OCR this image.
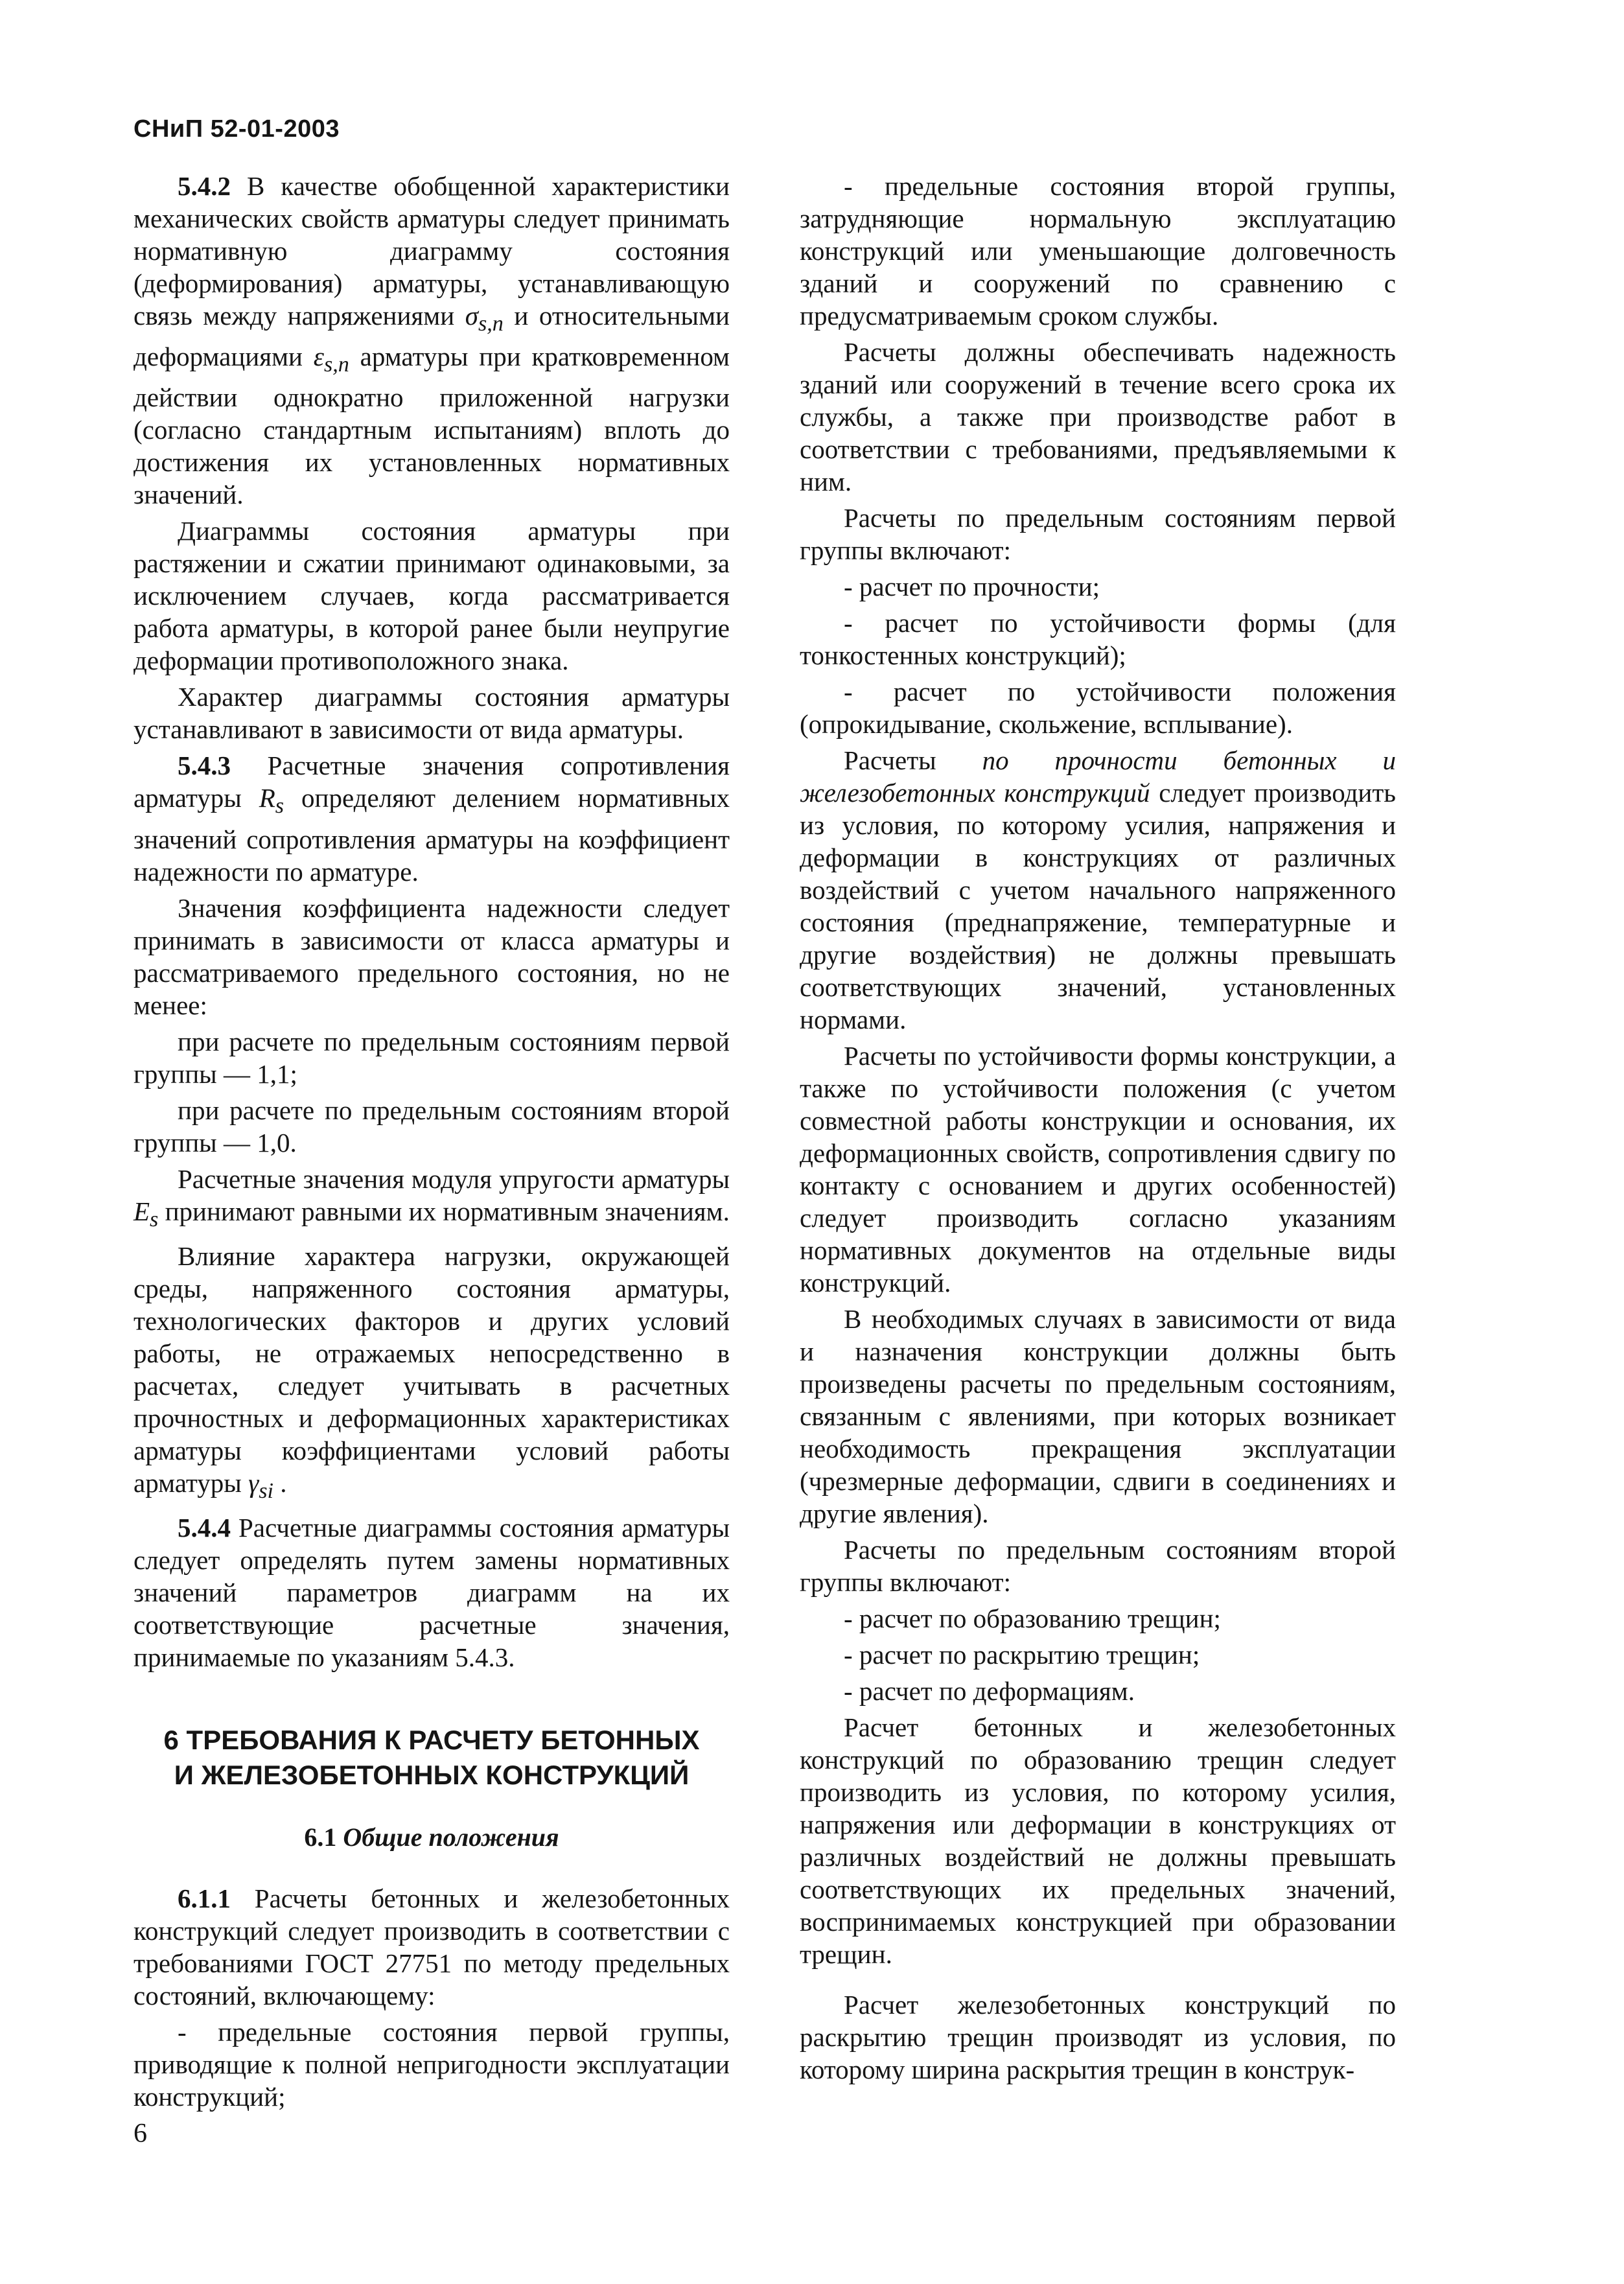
СНиП 52-01-2003

5.4.2 В качестве обобщенной характеристики механических свойств арматуры следует принимать нормативную диаграмму состояния (деформирования) арматуры, устанавливающую связь между напряжениями $\sigma_{s,n}$ и относительными деформациями $\varepsilon_{s,n}$ арматуры при кратковременном действии однократно приложенной нагрузки (согласно стандартным испытаниям) вплоть до достижения их установленных нормативных значений.

Диаграммы состояния арматуры при растяжении и сжатии принимают одинаковыми, за исключением случаев, когда рассматривается работа арматуры, в которой ранее были неупругие деформации противоположного знака.

Характер диаграммы состояния арматуры устанавливают в зависимости от вида арматуры.

5.4.3 Расчетные значения сопротивления арматуры $R_s$ определяют делением нормативных значений сопротивления арматуры на коэффициент надежности по арматуре.

Значения коэффициента надежности следует принимать в зависимости от класса арматуры и рассматриваемого предельного состояния, но не менее:

при расчете по предельным состояниям первой группы — 1,1;

при расчете по предельным состояниям второй группы — 1,0.

Расчетные значения модуля упругости арматуры $E_s$ принимают равными их нормативным значениям.

Влияние характера нагрузки, окружающей среды, напряженного состояния арматуры, технологических факторов и других условий работы, не отражаемых непосредственно в расчетах, следует учитывать в расчетных прочностных и деформационных характеристиках арматуры коэффициентами условий работы арматуры $\gamma_{si}$ .

5.4.4 Расчетные диаграммы состояния арматуры следует определять путем замены нормативных значений параметров диаграмм на их соответствующие расчетные значения, принимаемые по указаниям 5.4.3.

6 ТРЕБОВАНИЯ К РАСЧЕТУ БЕТОННЫХ
И ЖЕЛЕЗОБЕТОННЫХ КОНСТРУКЦИЙ
6.1 Общие положения

6.1.1 Расчеты бетонных и железобетонных конструкций следует производить в соответствии с требованиями ГОСТ 27751 по методу предельных состояний, включающему:

- предельные состояния первой группы, приводящие к полной непригодности эксплуатации конструкций;

- предельные состояния второй группы, затрудняющие нормальную эксплуатацию конструкций или уменьшающие долговечность зданий и сооружений по сравнению с предусматриваемым сроком службы.

Расчеты должны обеспечивать надежность зданий или сооружений в течение всего срока их службы, а также при производстве работ в соответствии с требованиями, предъявляемыми к ним.

Расчеты по предельным состояниям первой группы включают:

- расчет по прочности;

- расчет по устойчивости формы (для тонкостенных конструкций);

- расчет по устойчивости положения (опрокидывание, скольжение, всплывание).

Расчеты по прочности бетонных и железобетонных конструкций следует производить из условия, по которому усилия, напряжения и деформации в конструкциях от различных воздействий с учетом начального напряженного состояния (преднапряжение, температурные и другие воздействия) не должны превышать соответствующих значений, установленных нормами.

Расчеты по устойчивости формы конструкции, а также по устойчивости положения (с учетом совместной работы конструкции и основания, их деформационных свойств, сопротивления сдвигу по контакту с основанием и других особенностей) следует производить согласно указаниям нормативных документов на отдельные виды конструкций.

В необходимых случаях в зависимости от вида и назначения конструкции должны быть произведены расчеты по предельным состояниям, связанным с явлениями, при которых возникает необходимость прекращения эксплуатации (чрезмерные деформации, сдвиги в соединениях и другие явления).

Расчеты по предельным состояниям второй группы включают:

- расчет по образованию трещин;

- расчет по раскрытию трещин;

- расчет по деформациям.

Расчет бетонных и железобетонных конструкций по образованию трещин следует производить из условия, по которому усилия, напряжения или деформации в конструкциях от различных воздействий не должны превышать соответствующих их предельных значений, воспринимаемых конструкцией при образовании трещин.

Расчет железобетонных конструкций по раскрытию трещин производят из условия, по которому ширина раскрытия трещин в конструк-

6
